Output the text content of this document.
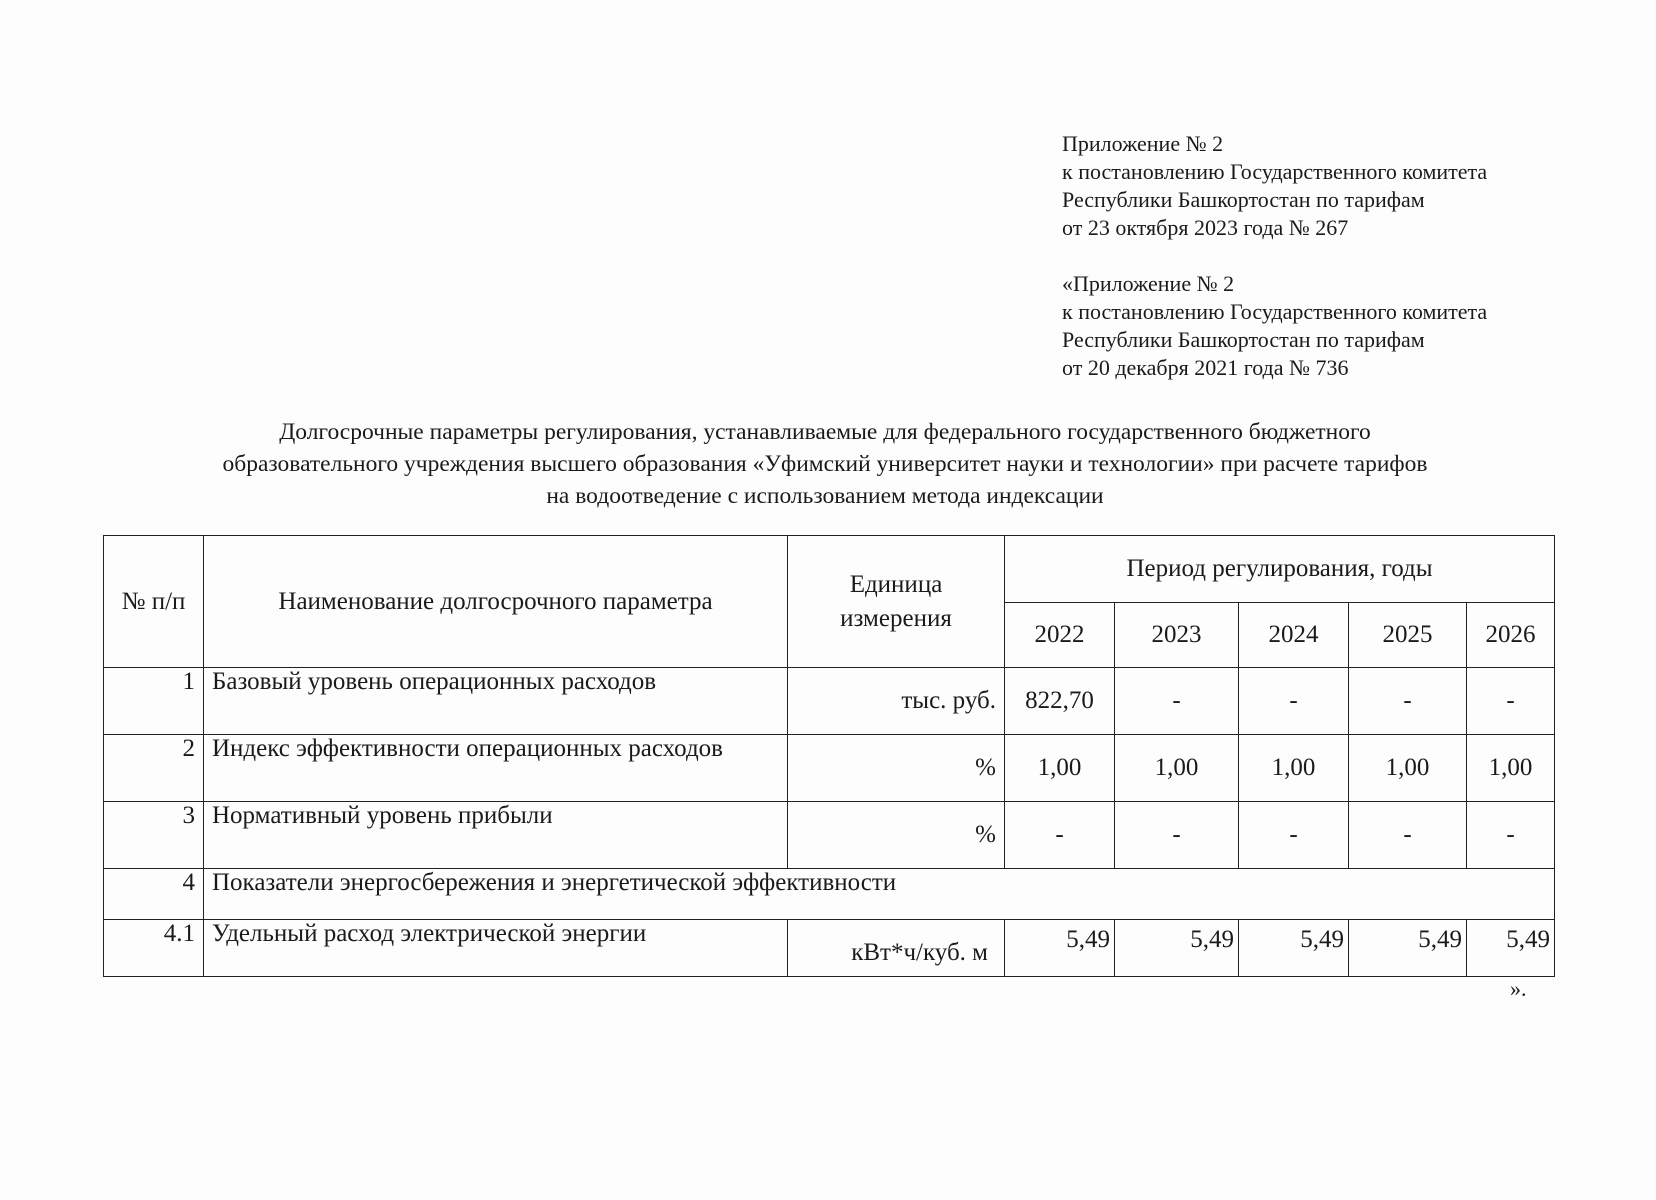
Приложение № 2
к постановлению Государственного комитета
Республики Башкортостан по тарифам
от 23 октября 2023 года № 267
«Приложение № 2
к постановлению Государственного комитета
Республики Башкортостан по тарифам
от 20 декабря 2021 года № 736
Долгосрочные параметры регулирования, устанавливаемые для федерального государственного бюджетного
образовательного учреждения высшего образования «Уфимский университет науки и технологии» при расчете тарифов
на водоотведение с использованием метода индексации
№ п/п	Наименование долгосрочного параметра	Единица измерения	Период регулирования, годы				
			2022	2023	2024	2025	2026
1	Базовый уровень операционных расходов	тыс. руб.	822,70	-	-	-	-
2	Индекс эффективности операционных расходов	%	1,00	1,00	1,00	1,00	1,00
3	Нормативный уровень прибыли	%	-	-	-	-	-
4	Показатели энергосбережения и энергетической эффективности						
4.1	Удельный расход электрической энергии	кВт*ч/куб. м	5,49	5,49	5,49	5,49	5,49
».
